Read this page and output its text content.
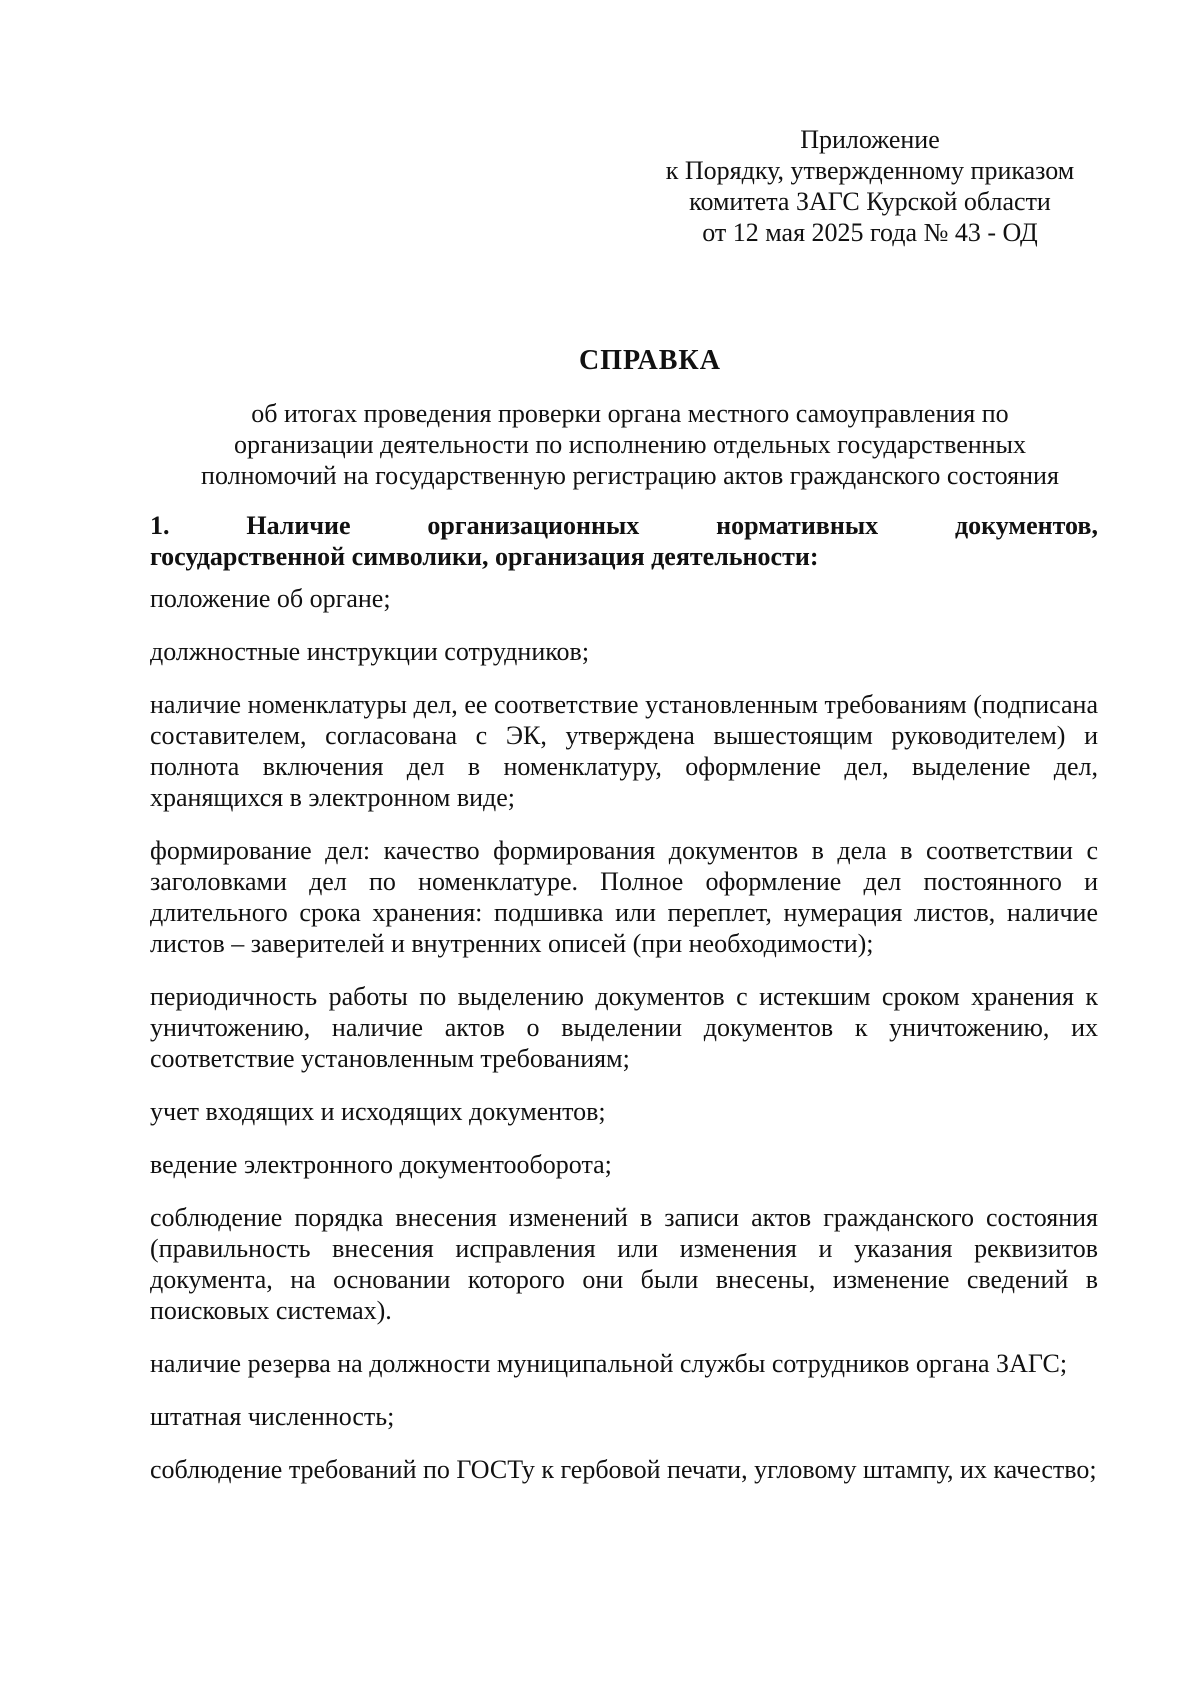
Приложение
к Порядку, утвержденному приказом
комитета ЗАГС Курской области
от 12 мая 2025 года № 43 - ОД
СПРАВКА
об итогах проведения проверки органа местного самоуправления по
организации деятельности по исполнению отдельных государственных
полномочий на государственную регистрацию актов гражданского состояния
1.	Наличие	организационных	нормативных	документов,
государственной символики, организация деятельности:

положение об органе;

должностные инструкции сотрудников;

наличие номенклатуры дел, ее соответствие установленным требованиям (подписана составителем, согласована с ЭК, утверждена вышестоящим руководителем) и полнота включения дел в номенклатуру, оформление дел, выделение дел, хранящихся в электронном виде;

формирование дел: качество формирования документов в дела в соответствии с заголовками дел по номенклатуре. Полное оформление дел постоянного и длительного срока хранения: подшивка или переплет, нумерация листов, наличие листов – заверителей и внутренних описей (при необходимости);

периодичность работы по выделению документов с истекшим сроком хранения к уничтожению, наличие актов о выделении документов к уничтожению, их соответствие установленным требованиям;

учет входящих и исходящих документов;

ведение электронного документооборота;

соблюдение порядка внесения изменений в записи актов гражданского состояния (правильность внесения исправления или изменения и указания реквизитов документа, на основании которого они были внесены, изменение сведений в поисковых системах).

наличие резерва на должности муниципальной службы сотрудников органа ЗАГС;

штатная численность;

соблюдение требований по ГОСТу к гербовой печати, угловому штампу, их качество;
